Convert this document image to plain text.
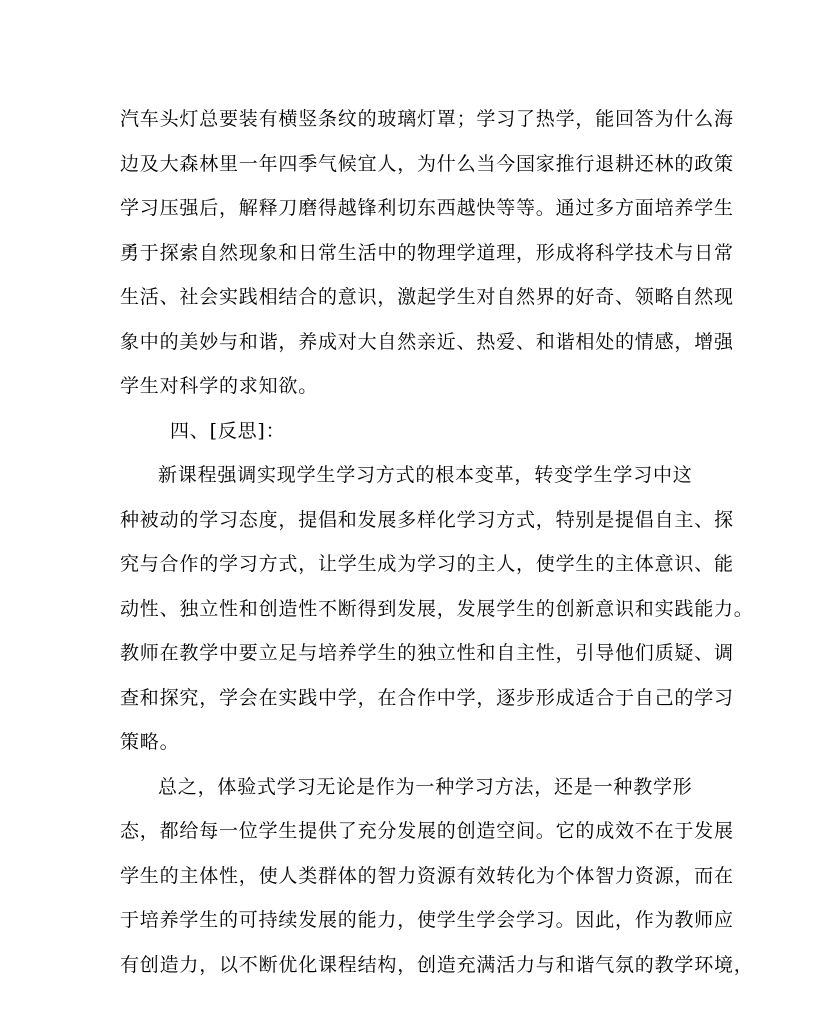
汽车头灯总要装有横竖条纹的玻璃灯罩；学习了热学，能回答为什么海
边及大森林里一年四季气候宜人，为什么当今国家推行退耕还林的政策
学习压强后，解释刀磨得越锋利切东西越快等等。通过多方面培养学生
勇于探索自然现象和日常生活中的物理学道理，形成将科学技术与日常
生活、社会实践相结合的意识，激起学生对自然界的好奇、领略自然现
象中的美妙与和谐，养成对大自然亲近、热爱、和谐相处的情感，增强
学生对科学的求知欲。
四、[反思]：
新课程强调实现学生学习方式的根本变革，转变学生学习中这
种被动的学习态度，提倡和发展多样化学习方式，特别是提倡自主、探
究与合作的学习方式，让学生成为学习的主人，使学生的主体意识、能
动性、独立性和创造性不断得到发展，发展学生的创新意识和实践能力。
教师在教学中要立足与培养学生的独立性和自主性，引导他们质疑、调
查和探究，学会在实践中学，在合作中学，逐步形成适合于自己的学习
策略。
总之，体验式学习无论是作为一种学习方法，还是一种教学形
态，都给每一位学生提供了充分发展的创造空间。它的成效不在于发展
学生的主体性，使人类群体的智力资源有效转化为个体智力资源，而在
于培养学生的可持续发展的能力，使学生学会学习。因此，作为教师应
有创造力，以不断优化课程结构，创造充满活力与和谐气氛的教学环境，
